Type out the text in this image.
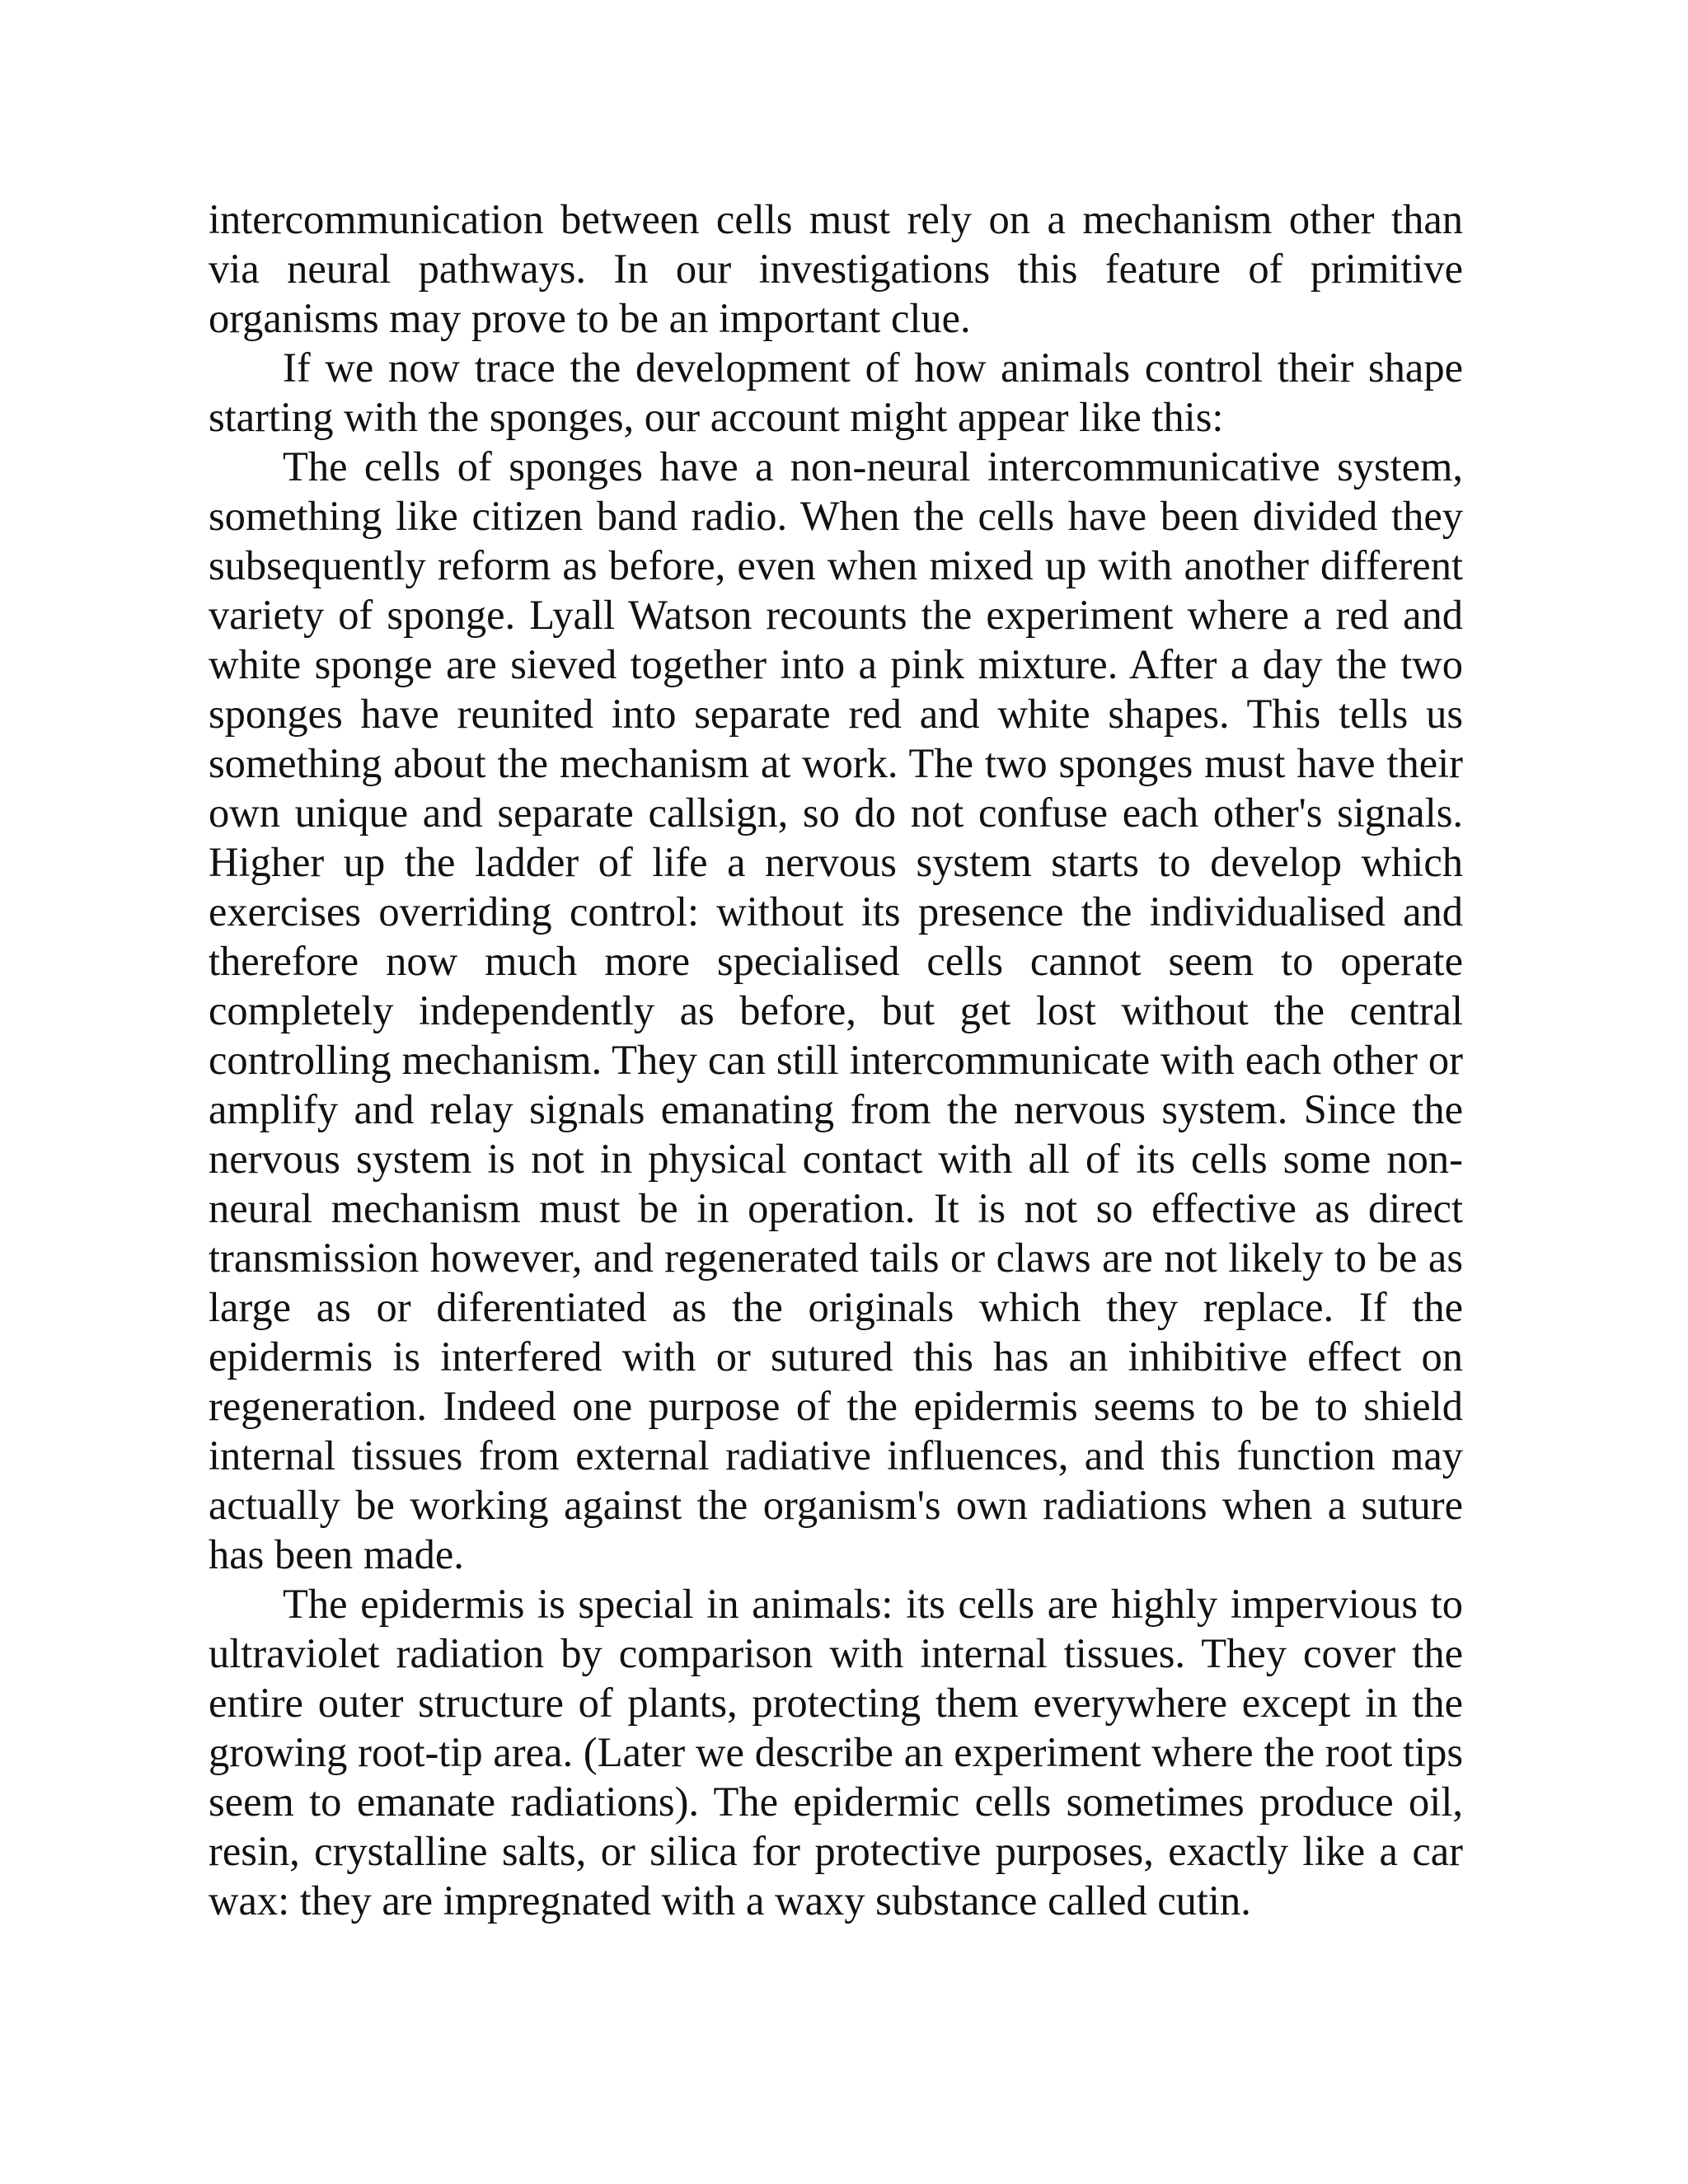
intercommunication between cells must rely on a mechanism other than via neural pathways. In our investigations this feature of primitive organisms may prove to be an important clue.

If we now trace the development of how animals control their shape starting with the sponges, our account might appear like this:

The cells of sponges have a non-neural intercommunicative system, something like citizen band radio. When the cells have been divided they subsequently reform as before, even when mixed up with another different variety of sponge. Lyall Watson recounts the experiment where a red and white sponge are sieved together into a pink mixture. After a day the two sponges have reunited into separate red and white shapes. This tells us something about the mechanism at work. The two sponges must have their own unique and separate callsign, so do not confuse each other's signals. Higher up the ladder of life a nervous system starts to develop which exercises overriding control: without its presence the individualised and therefore now much more specialised cells cannot seem to operate completely independently as before, but get lost without the central controlling mechanism. They can still intercommunicate with each other or amplify and relay signals emanating from the nervous system. Since the nervous system is not in physical contact with all of its cells some non-neural mechanism must be in operation. It is not so effective as direct transmission however, and regenerated tails or claws are not likely to be as large as or diferentiated as the originals which they replace. If the epidermis is interfered with or sutured this has an inhibitive effect on regeneration. Indeed one purpose of the epidermis seems to be to shield internal tissues from external radiative influences, and this function may actually be working against the organism's own radiations when a suture has been made.

The epidermis is special in animals: its cells are highly impervious to ultraviolet radiation by comparison with internal tissues. They cover the entire outer structure of plants, protecting them everywhere except in the growing root-tip area. (Later we describe an experiment where the root tips seem to emanate radiations). The epidermic cells sometimes produce oil, resin, crystalline salts, or silica for protective purposes, exactly like a car wax: they are impregnated with a waxy substance called cutin.
